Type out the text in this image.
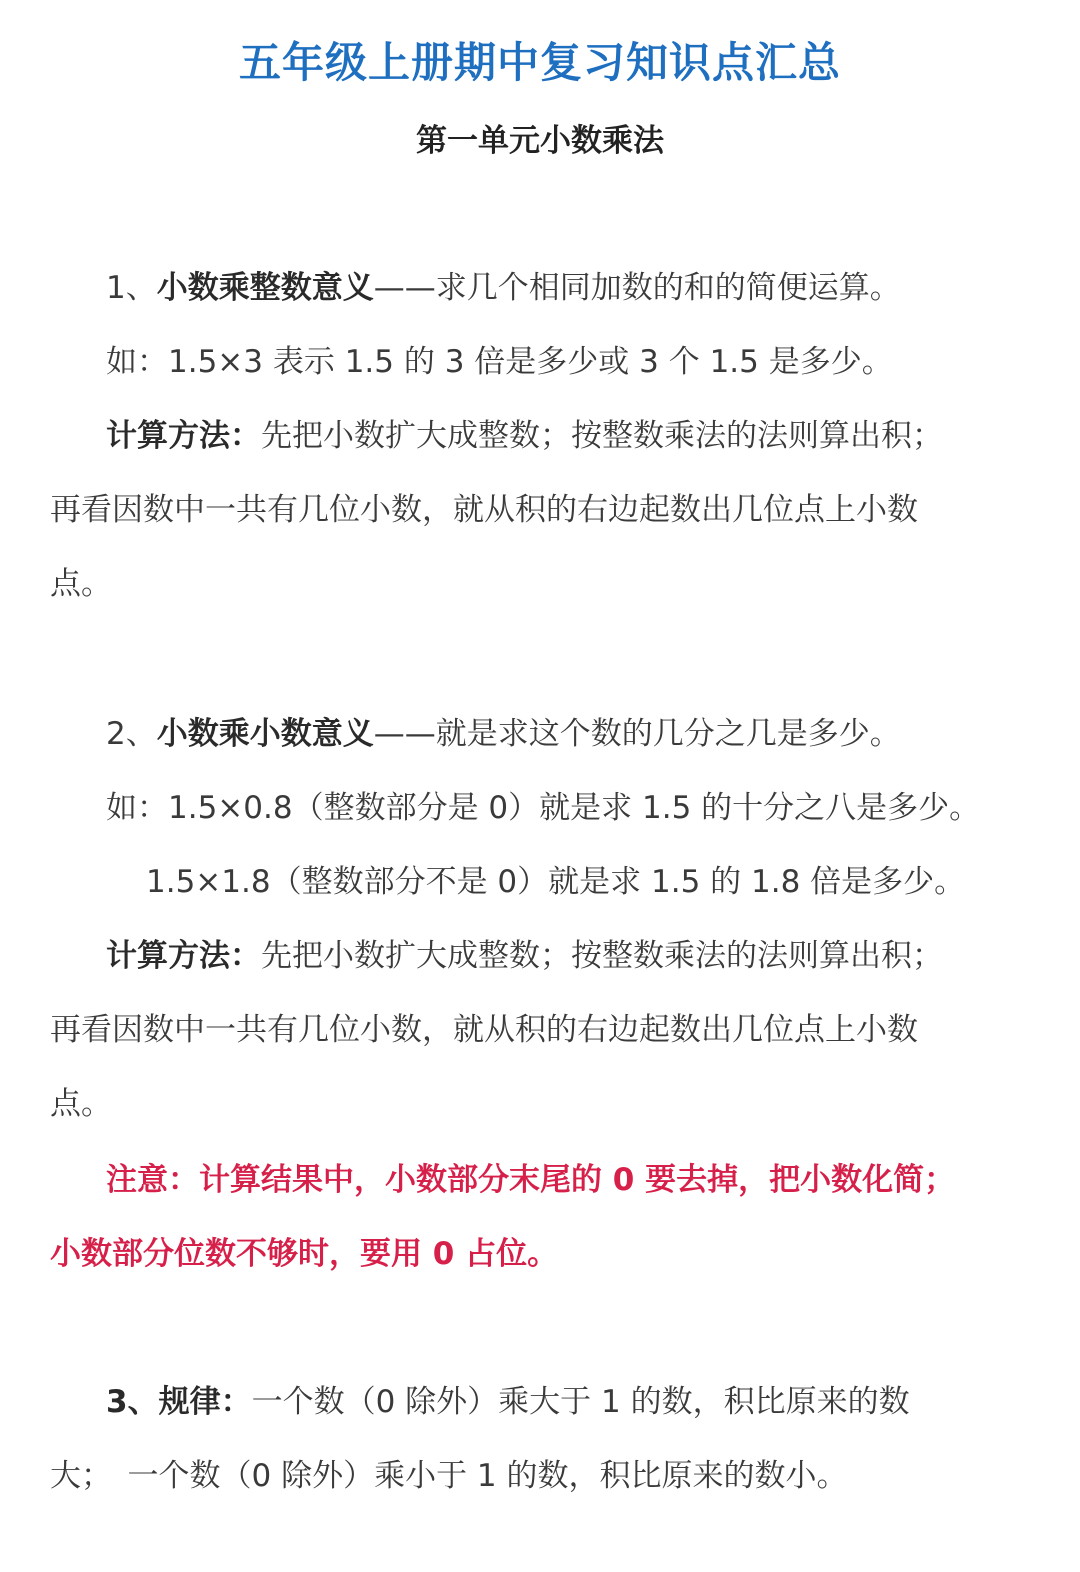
五年级上册期中复习知识点汇总
第一单元小数乘法
1、小数乘整数意义——求几个相同加数的和的简便运算。
如：1.5×3 表示 1.5 的 3 倍是多少或 3 个 1.5 是多少。
计算方法：先把小数扩大成整数；按整数乘法的法则算出积；
再看因数中一共有几位小数，就从积的右边起数出几位点上小数
点。
2、小数乘小数意义——就是求这个数的几分之几是多少。
如：1.5×0.8（整数部分是 0）就是求 1.5 的十分之八是多少。
1.5×1.8（整数部分不是 0）就是求 1.5 的 1.8 倍是多少。
计算方法：先把小数扩大成整数；按整数乘法的法则算出积；
再看因数中一共有几位小数，就从积的右边起数出几位点上小数
点。
注意：计算结果中，小数部分末尾的 0 要去掉，把小数化简；
小数部分位数不够时，要用 0 占位。
3、规律：一个数（0 除外）乘大于 1 的数，积比原来的数
大；　一个数（0 除外）乘小于 1 的数，积比原来的数小。
